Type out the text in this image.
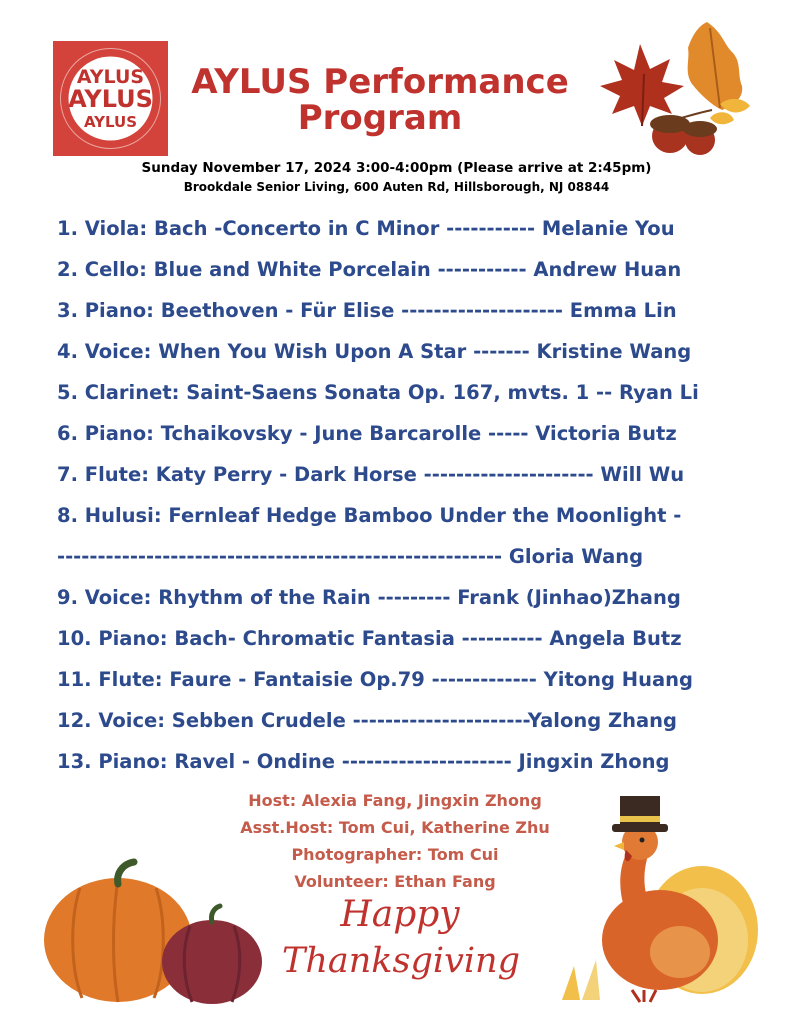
AYLUS
AYLUS
AYLUS
AYLUS Performance
Program

Sunday November 17, 2024 3:00-4:00pm (Please arrive at 2:45pm)

Brookdale Senior Living, 600 Auten Rd, Hillsborough, NJ 08844

1. Viola: Bach -Concerto in C Minor ----------- Melanie You
2. Cello: Blue and White Porcelain ----------- Andrew Huan
3. Piano: Beethoven - Für Elise -------------------- Emma Lin
4. Voice: When You Wish Upon A Star ------- Kristine Wang
5. Clarinet: Saint-Saens Sonata Op. 167, mvts. 1 -- Ryan Li
6. Piano: Tchaikovsky - June Barcarolle ----- Victoria Butz
7. Flute: Katy Perry - Dark Horse --------------------- Will Wu
8. Hulusi: Fernleaf Hedge Bamboo Under the Moonlight -
------------------------------------------------------- Gloria Wang
9. Voice: Rhythm of the Rain --------- Frank (Jinhao)Zhang
10. Piano: Bach- Chromatic Fantasia ---------- Angela Butz
11. Flute: Faure - Fantaisie Op.79 ------------- Yitong Huang
12. Voice: Sebben Crudele ----------------------Yalong Zhang
13. Piano: Ravel - Ondine --------------------- Jingxin Zhong
Host: Alexia Fang, Jingxin Zhong
Asst.Host: Tom Cui, Katherine Zhu
Photographer: Tom Cui
Volunteer: Ethan Fang
Happy
Thanksgiving
